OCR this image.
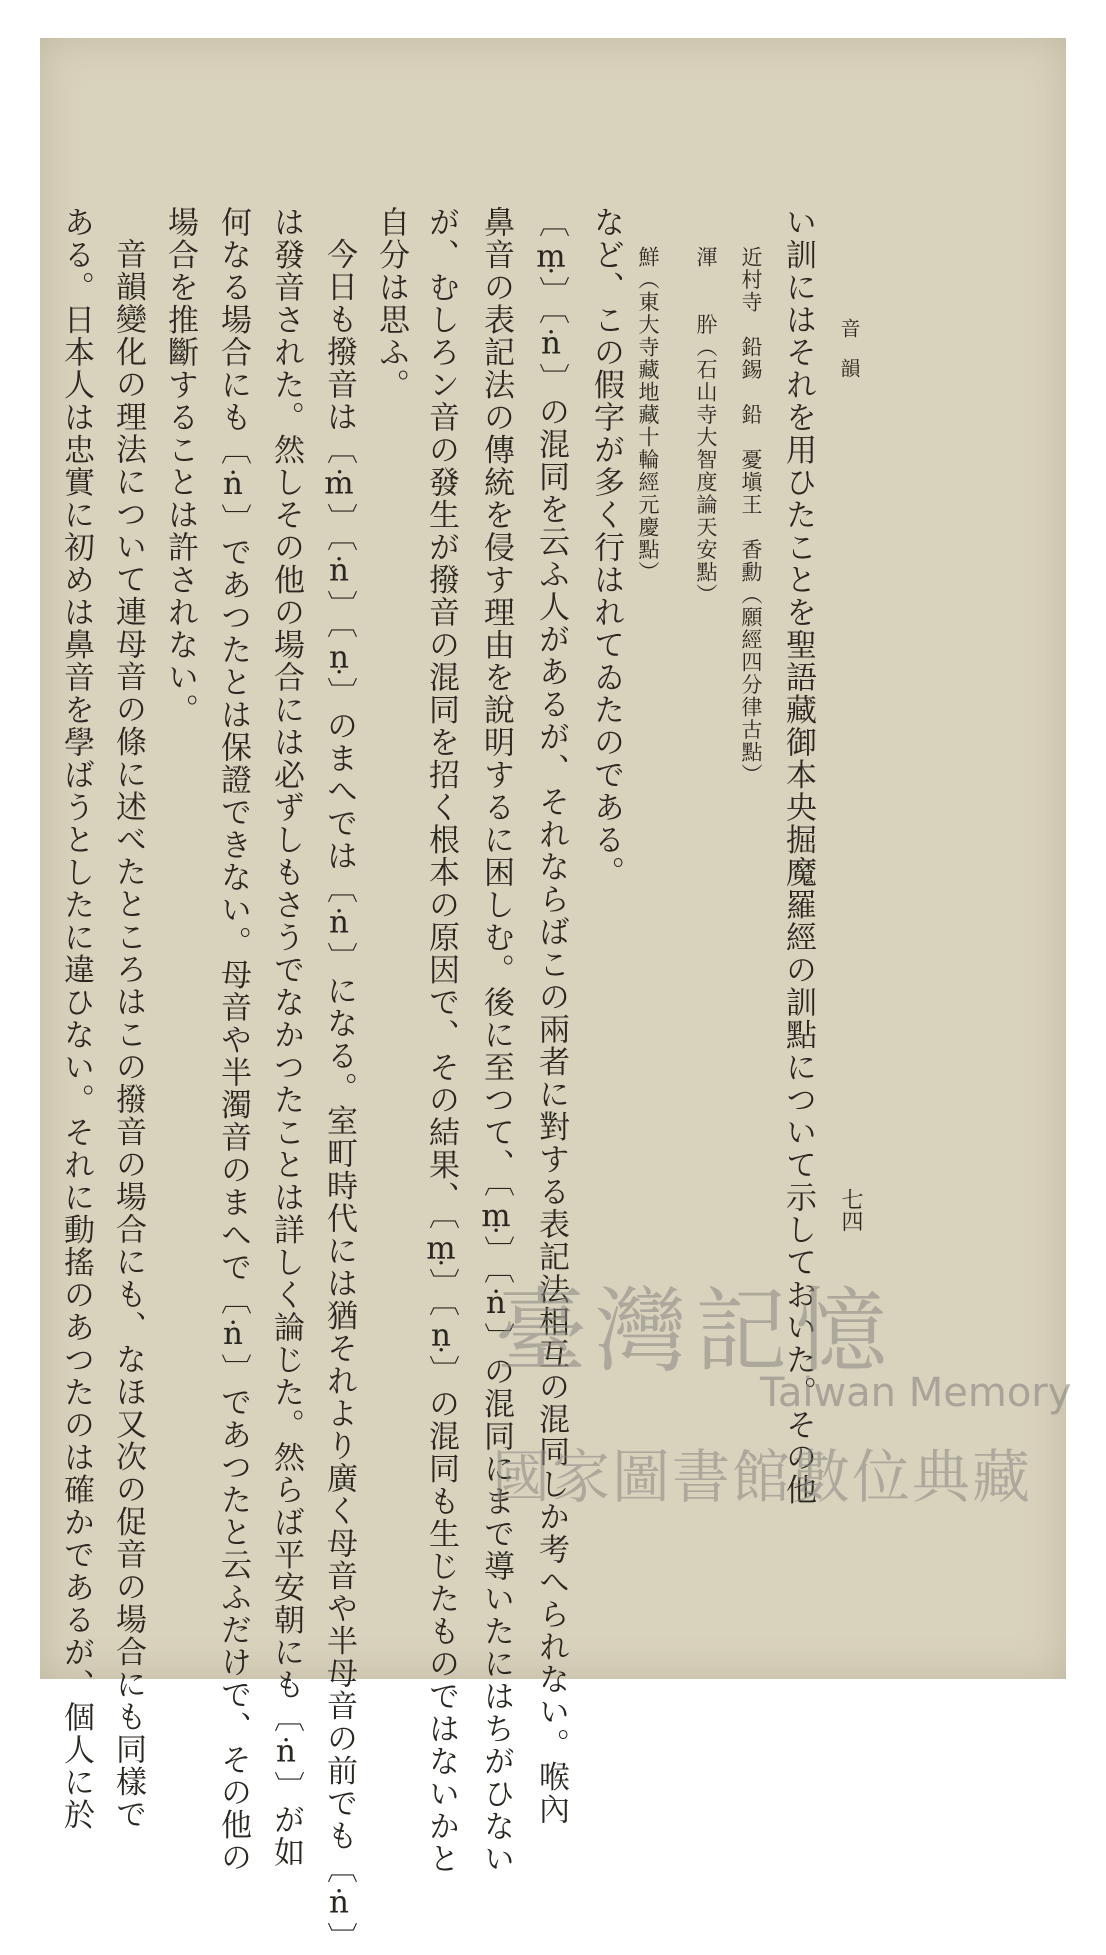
音　韻
七四
い訓にはそれを用ひたことを聖語藏御本央掘魔羅經の訓點について示しておいた。その他
近村寺　鉛錫　鉛　憂塡王　香勳（願經四分律古點）
渾　　肸（石山寺大智度論天安點）
鮮（東大寺藏地藏十輪經元慶點）
など、この假字が多く行はれてゐたのである。
〔ṃ〕〔ṅ〕の混同を云ふ人があるが、それならばこの兩者に對する表記法相互の混同しか考へられない。喉內
鼻音の表記法の傳統を侵す理由を說明するに困しむ。後に至つて、〔ṃ〕〔ṅ〕の混同にまで導いたにはちがひない
が、むしろン音の發生が撥音の混同を招く根本の原因で、その結果、〔ṃ〕〔ṇ〕の混同も生じたものではないかと
自分は思ふ。
今日も撥音は〔ṁ〕〔ṅ〕〔ṇ〕のまへでは〔ṅ〕になる。室町時代には猶それより廣く母音や半母音の前でも〔ṅ〕
は發音された。然しその他の場合には必ずしもさうでなかつたことは詳しく論じた。然らば平安朝にも〔ṅ〕が如
何なる場合にも〔ṅ〕であつたとは保證できない。母音や半濁音のまへで〔ṅ〕であつたと云ふだけで、その他の
場合を推斷することは許されない。
音韻變化の理法について連母音の條に述べたところはこの撥音の場合にも、なほ又次の促音の場合にも同樣で
ある。日本人は忠實に初めは鼻音を學ばうとしたに違ひない。それに動搖のあつたのは確かであるが、個人に於	臺灣記憶
Taiwan Memory
國家圖書館數位典藏
